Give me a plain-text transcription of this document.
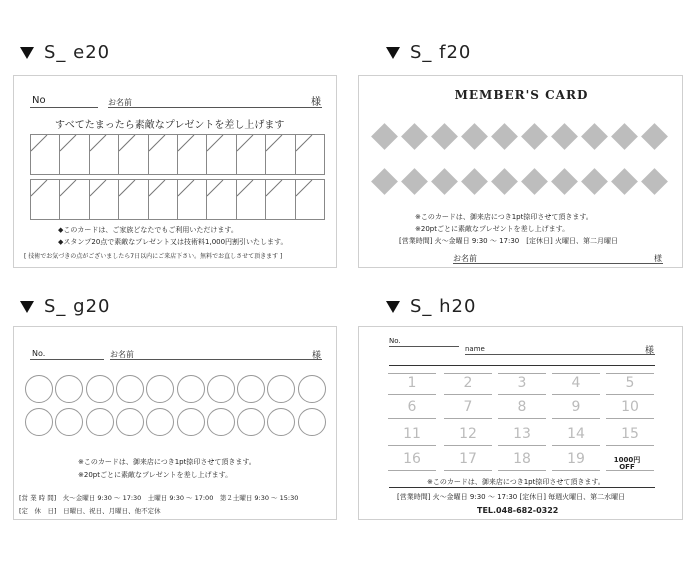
S_ e20	S_ f20
S_ g20	S_ h20
No	お名前	様
すべてたまったら素敵なプレゼントを差し上げます
◆このカードは、ご家族どなたでもご利用いただけます。
◆スタンプ20点で素敵なプレゼント又は技術料1,000円割引いたします。
[ 技術でお気づきの点がございましたら7日以内にご来店下さい。無料でお直しさせて頂きます ]
MEMBER'S CARD
※このカードは、御来店につき1pt捺印させて頂きます。
※20ptごとに素敵なプレゼントを差し上げます。
[営業時間] 火～金曜日 9:30 ～ 17:30　[定休日] 火曜日、第二月曜日
お名前	様
No.	お名前	様
※このカードは、御来店につき1pt捺印させて頂きます。
※20ptごとに素敵なプレゼントを差し上げます。
[営 業 時 間]　火～金曜日 9:30 ～ 17:30　土曜日 9:30 ～ 17:00　第２土曜日 9:30 ～ 15:30
[定　休　日]　日曜日、祝日、月曜日、他不定休
No.
name	様
1	2	3	4	5
6	7	8	9	10
11	12	13	14	15
16	17	18	19	1000円
OFF
※このカードは、御来店につき1pt捺印させて頂きます。
[営業時間] 火～金曜日 9:30 ～ 17:30 [定休日] 毎週火曜日、第二水曜日
TEL.048-682-0322
